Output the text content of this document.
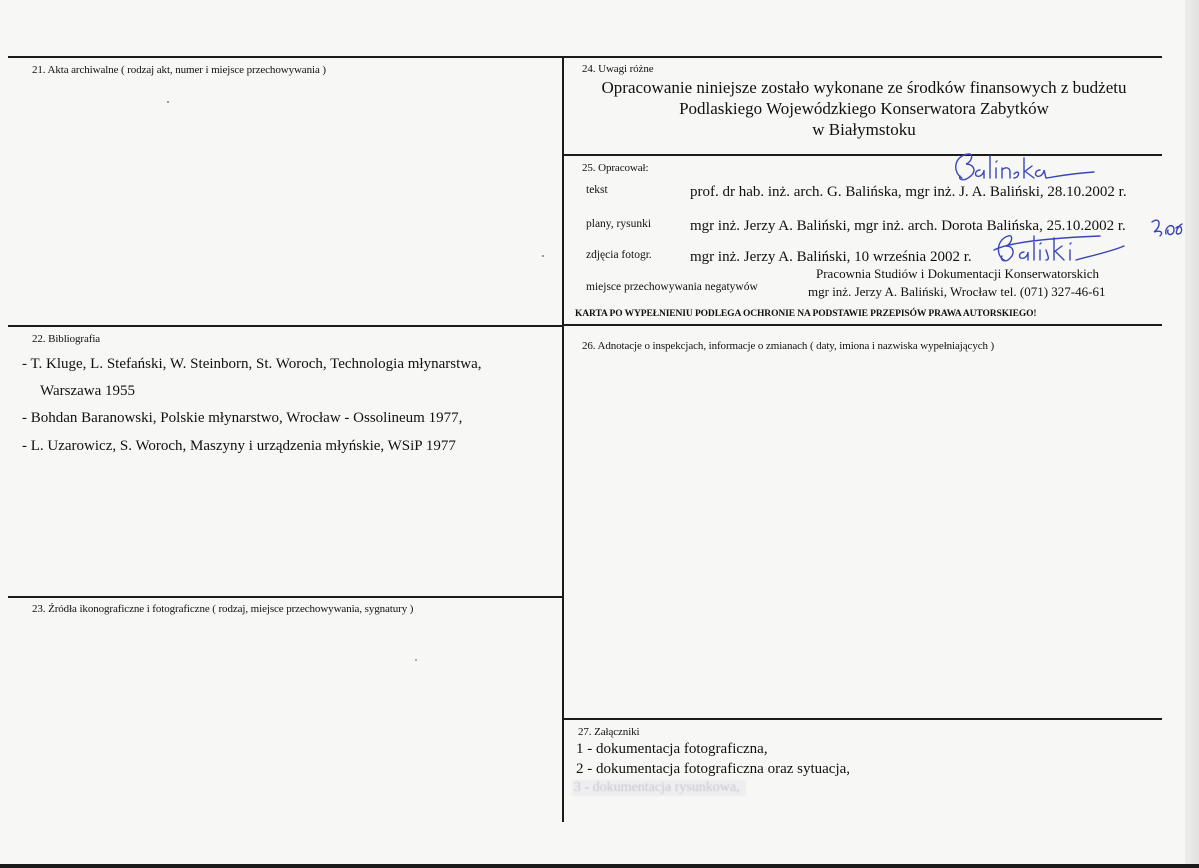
21. Akta archiwalne ( rodzaj akt, numer i miejsce przechowywania )
22. Bibliografia
- T. Kluge, L. Stefański, W. Steinborn, St. Woroch, Technologia młynarstwa,
Warszawa 1955
- Bohdan Baranowski, Polskie młynarstwo, Wrocław - Ossolineum 1977,
- L. Uzarowicz, S. Woroch, Maszyny i urządzenia młyńskie, WSiP 1977
23. Źródła ikonograficzne i fotograficzne ( rodzaj, miejsce przechowywania, sygnatury )
24. Uwagi różne
Opracowanie niniejsze zostało wykonane ze środków finansowych z budżetu
Podlaskiego Wojewódzkiego Konserwatora Zabytków
w Białymstoku
25. Opracował:
tekst	prof. dr hab. inż. arch. G. Balińska, mgr inż. J. A. Baliński, 28.10.2002 r.
plany, rysunki	mgr inż. Jerzy A. Baliński, mgr inż. arch. Dorota Balińska, 25.10.2002 r.
zdjęcia fotogr.	mgr inż. Jerzy A. Baliński, 10 września 2002 r.
miejsce przechowywania negatywów
Pracownia Studiów i Dokumentacji Konserwatorskich
mgr inż. Jerzy A. Baliński, Wrocław tel. (071) 327-46-61
KARTA PO WYPEŁNIENIU PODLEGA OCHRONIE NA PODSTAWIE PRZEPISÓW PRAWA AUTORSKIEGO!
26. Adnotacje o inspekcjach, informacje o zmianach ( daty, imiona i nazwiska wypełniających )
27. Załączniki
1 - dokumentacja fotograficzna,
2 - dokumentacja fotograficzna oraz sytuacja,
3 - dokumentacja rysunkowa,
